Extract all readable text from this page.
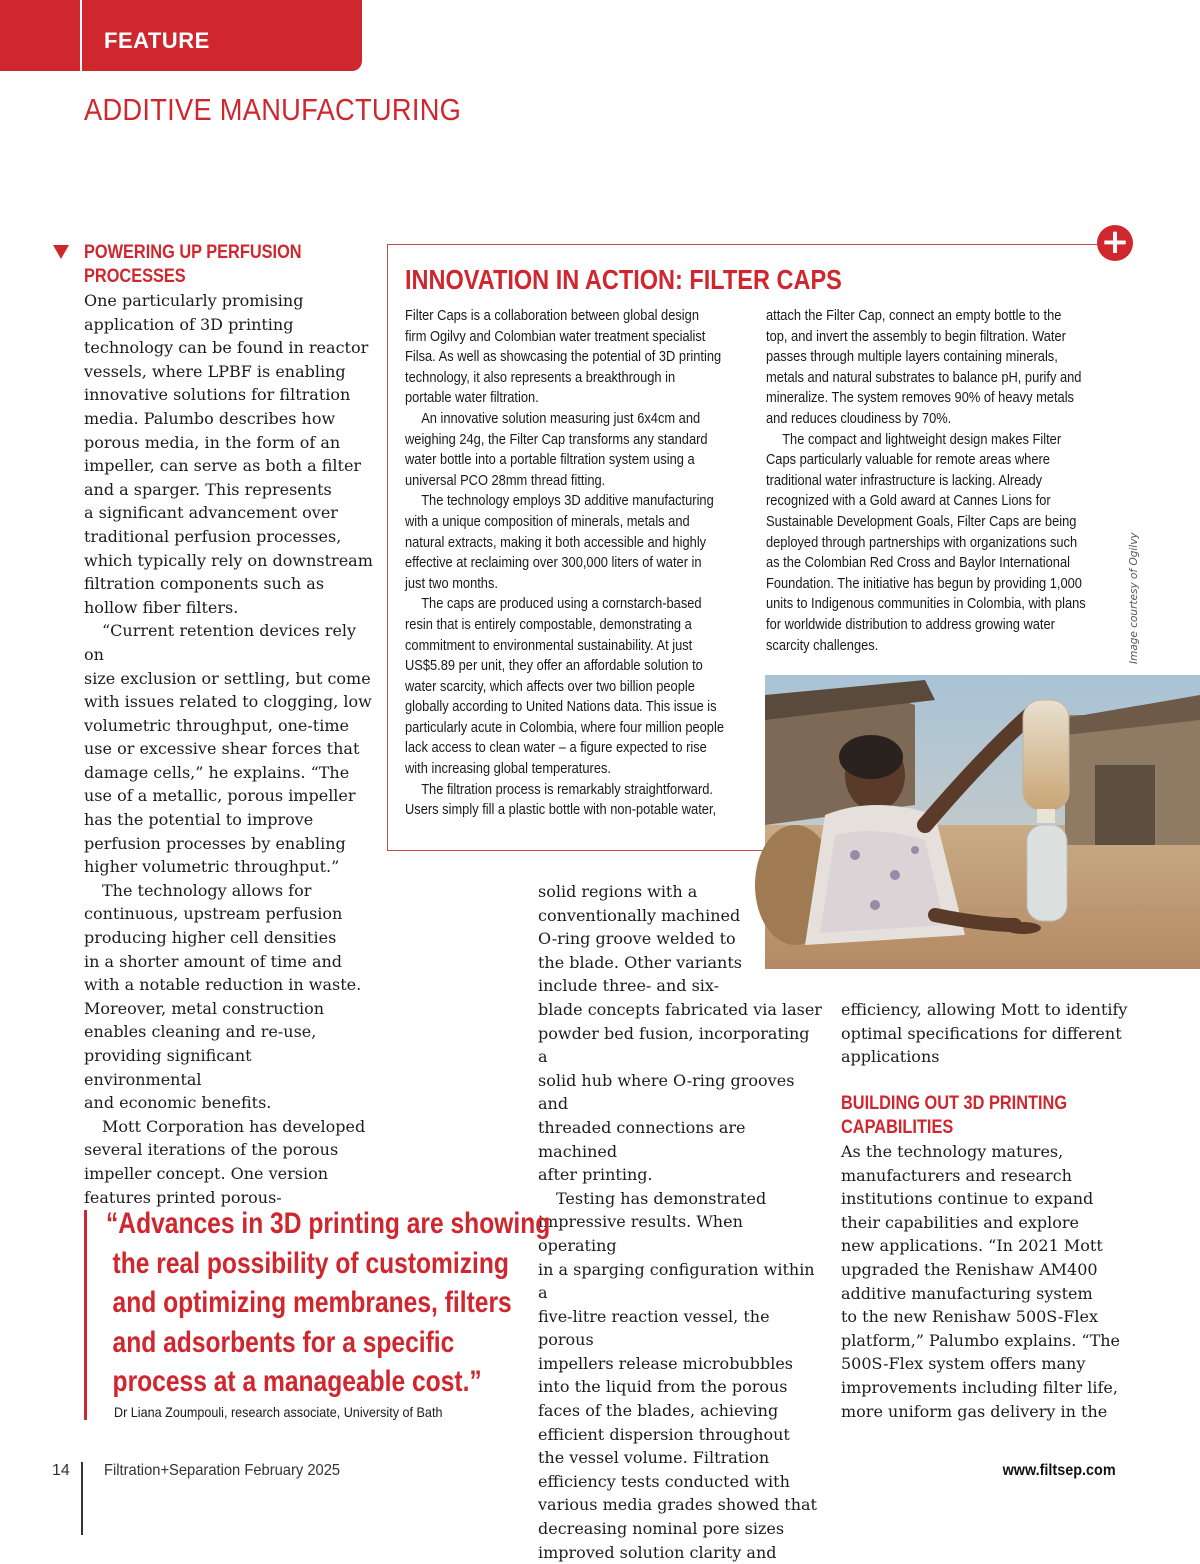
FEATURE
ADDITIVE MANUFACTURING
POWERING UP PERFUSION
PROCESSES

One particularly promising

application of 3D printing

technology can be found in reactor

vessels, where LPBF is enabling

innovative solutions for filtration

media. Palumbo describes how

porous media, in the form of an

impeller, can serve as both a filter

and a sparger. This represents

a significant advancement over

traditional perfusion processes,

which typically rely on downstream

filtration components such as

hollow fiber filters.

“Current retention devices rely on

size exclusion or settling, but come

with issues related to clogging, low

volumetric throughput, one-time

use or excessive shear forces that

damage cells,” he explains. “The

use of a metallic, porous impeller

has the potential to improve

perfusion processes by enabling

higher volumetric throughput.”

The technology allows for

continuous, upstream perfusion

producing higher cell densities

in a shorter amount of time and

with a notable reduction in waste.

Moreover, metal construction

enables cleaning and re-use,

providing significant environmental

and economic benefits.

Mott Corporation has developed

several iterations of the porous

impeller concept. One version

features printed porous-

+
INNOVATION IN ACTION: FILTER CAPS

Filter Caps is a collaboration between global design

firm Ogilvy and Colombian water treatment specialist

Filsa. As well as showcasing the potential of 3D printing

technology, it also represents a breakthrough in

portable water filtration.

An innovative solution measuring just 6x4cm and

weighing 24g, the Filter Cap transforms any standard

water bottle into a portable filtration system using a

universal PCO 28mm thread fitting.

The technology employs 3D additive manufacturing

with a unique composition of minerals, metals and

natural extracts, making it both accessible and highly

effective at reclaiming over 300,000 liters of water in

just two months.

The caps are produced using a cornstarch-based

resin that is entirely compostable, demonstrating a

commitment to environmental sustainability. At just

US$5.89 per unit, they offer an affordable solution to

water scarcity, which affects over two billion people

globally according to United Nations data. This issue is

particularly acute in Colombia, where four million people

lack access to clean water – a figure expected to rise

with increasing global temperatures.

The filtration process is remarkably straightforward.

Users simply fill a plastic bottle with non-potable water,

attach the Filter Cap, connect an empty bottle to the

top, and invert the assembly to begin filtration. Water

passes through multiple layers containing minerals,

metals and natural substrates to balance pH, purify and

mineralize. The system removes 90% of heavy metals

and reduces cloudiness by 70%.

The compact and lightweight design makes Filter

Caps particularly valuable for remote areas where

traditional water infrastructure is lacking. Already

recognized with a Gold award at Cannes Lions for

Sustainable Development Goals, Filter Caps are being

deployed through partnerships with organizations such

as the Colombian Red Cross and Baylor International

Foundation. The initiative has begun by providing 1,000

units to Indigenous communities in Colombia, with plans

for worldwide distribution to address growing water

scarcity challenges.	Image courtesy of Ogilvy

solid regions with a

conventionally machined

O-ring groove welded to

the blade. Other variants

include three- and six-

blade concepts fabricated via laser

powder bed fusion, incorporating a

solid hub where O-ring grooves and

threaded connections are machined

after printing.

Testing has demonstrated

impressive results. When operating

in a sparging configuration within a

five-litre reaction vessel, the porous

impellers release microbubbles

into the liquid from the porous

faces of the blades, achieving

efficient dispersion throughout

the vessel volume. Filtration

efficiency tests conducted with

various media grades showed that

decreasing nominal pore sizes

improved solution clarity and

efficiency, allowing Mott to identify

optimal specifications for different

applications

BUILDING OUT 3D PRINTING
CAPABILITIES

As the technology matures,

manufacturers and research

institutions continue to expand

their capabilities and explore

new applications. “In 2021 Mott

upgraded the Renishaw AM400

additive manufacturing system

to the new Renishaw 500S-Flex

platform,” Palumbo explains. “The

500S-Flex system offers many

improvements including filter life,

more uniform gas delivery in the

“Advances in 3D printing are showing
the real possibility of customizing
and optimizing membranes, filters
and adsorbents for a specific
process at a manageable cost.”
Dr Liana Zoumpouli, research associate, University of Bath
14 Filtration+Separation February 2025	www.filtsep.com
